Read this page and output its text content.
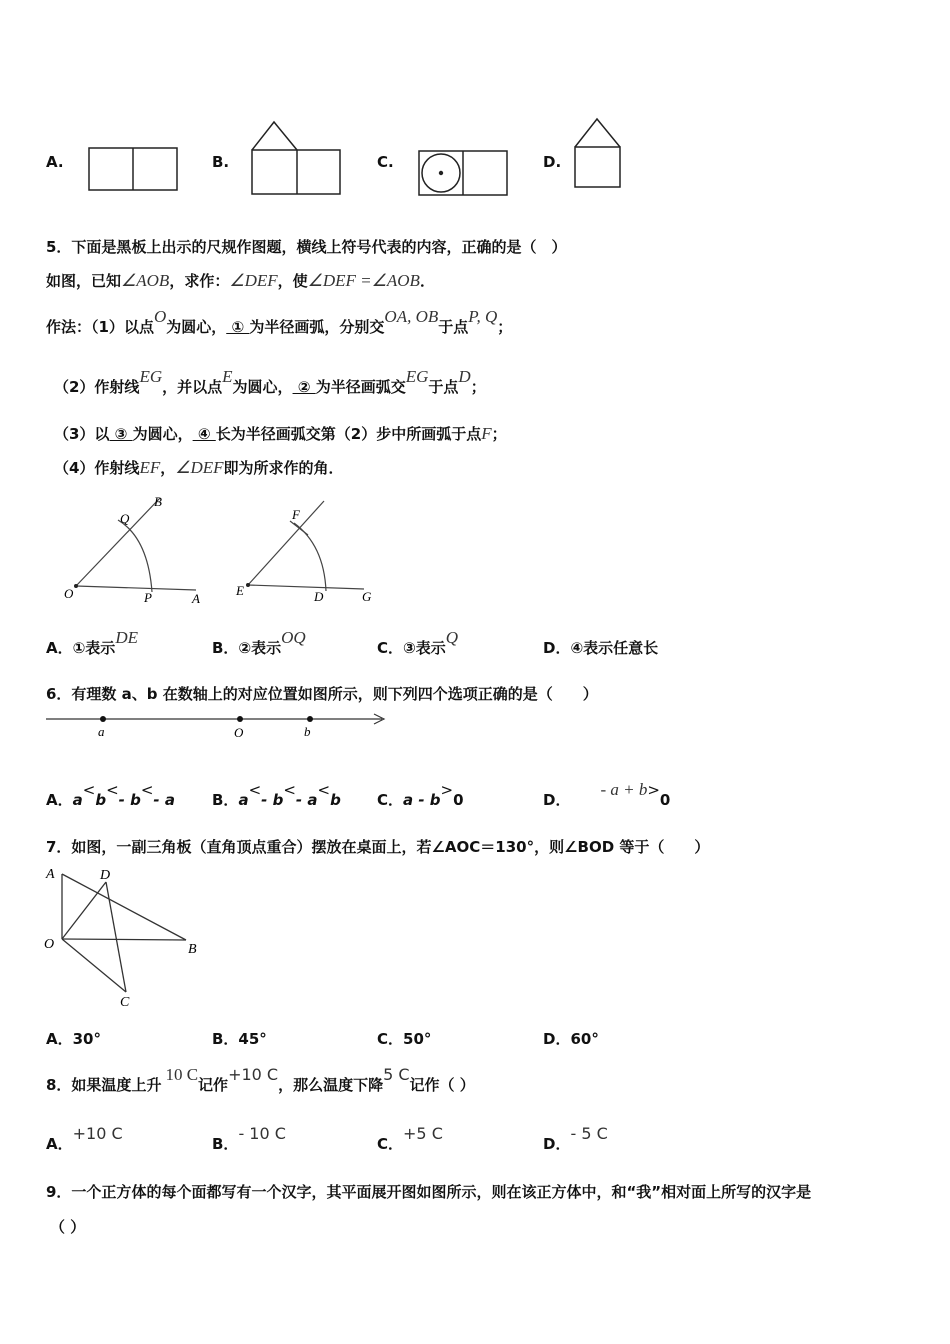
A.	B.	C.	D.
5．下面是黑板上出示的尺规作图题，横线上符号代表的内容，正确的是（　）
如图，已知∠AOB，求作：∠DEF，使∠DEF =∠AOB．
作法：（1）以点O为圆心， ① 为半径画弧，分别交OA, OB于点P, Q；
（2）作射线EG，并以点E为圆心， ② 为半径画弧交EG于点D；
（3）以 ③ 为圆心， ④ 长为半径画弧交第（2）步中所画弧于点F；
（4）作射线EF，∠DEF即为所求作的角．
B
Q
O	P	A
F
E	D	G
A．①表示DE
B．②表示OQ
C．③表示Q
D．④表示任意长
6．有理数 a、b 在数轴上的对应位置如图所示，则下列四个选项正确的是（　　）
a	O	b
A．a<b<- b<- a B．a<- b<- a<b C．a - b>0	D．- a + b>0
7．如图，一副三角板（直角顶点重合）摆放在桌面上，若∠AOC＝130°，则∠BOD 等于（　　）
A	D
O	B
C
A．30°	B．45°	C．50°	D．60°
8．如果温度上升10 C记作+10 C，那么温度下降5 C记作（ ）
A．+10 C
B．- 10 C
C．+5 C
D．- 5 C
9．一个正方体的每个面都写有一个汉字，其平面展开图如图所示，则在该正方体中，和“我”相对面上所写的汉字是
（ ）
